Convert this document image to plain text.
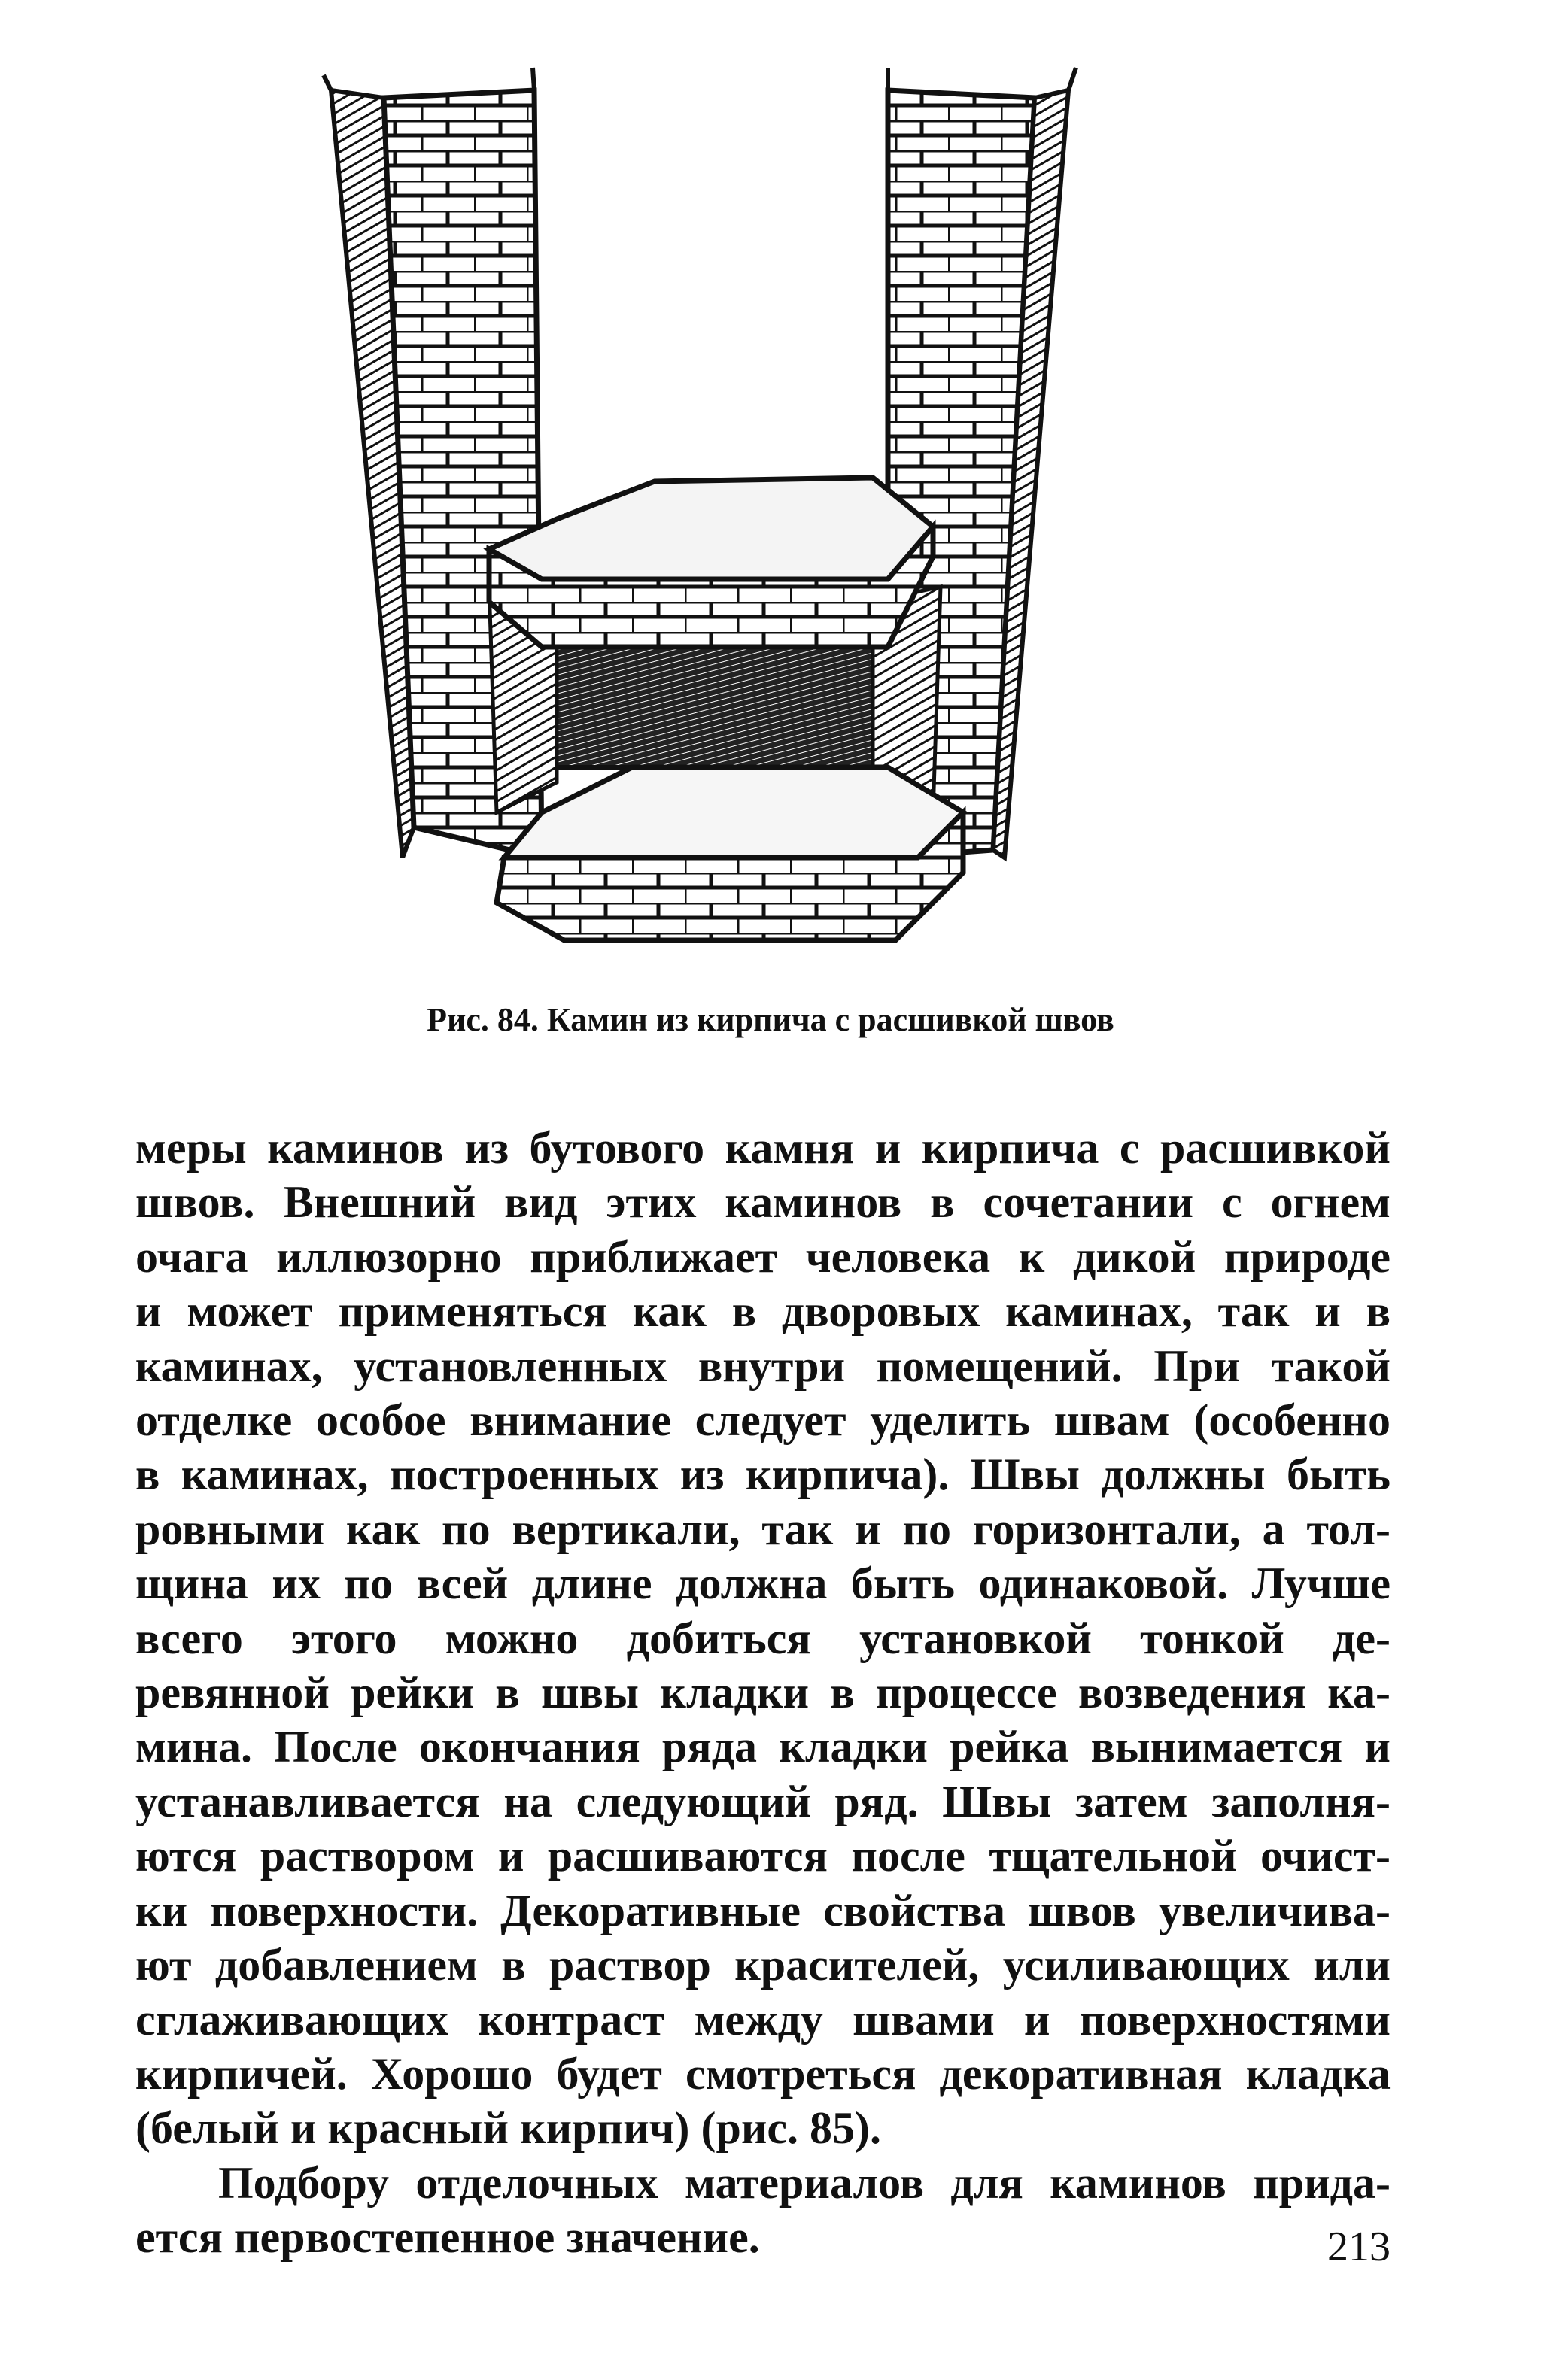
Рис. 84. Камин из кирпича с расшивкой швов
меры каминов из бутового камня и кирпича с расшивкой
швов. Внешний вид этих каминов в сочетании с огнем
очага иллюзорно приближает человека к дикой природе
и может применяться как в дворовых каминах, так и в
каминах, установленных внутри помещений. При такой
отделке особое внимание следует уделить швам (особенно
в каминах, построенных из кирпича). Швы должны быть
ровными как по вертикали, так и по горизонтали, а тол-
щина их по всей длине должна быть одинаковой. Лучше
всего этого можно добиться установкой тонкой де-
ревянной рейки в швы кладки в процессе возведения ка-
мина. После окончания ряда кладки рейка вынимается и
устанавливается на следующий ряд. Швы затем заполня-
ются раствором и расшиваются после тщательной очист-
ки поверхности. Декоративные свойства швов увеличива-
ют добавлением в раствор красителей, усиливающих или
сглаживающих контраст между швами и поверхностями
кирпичей. Хорошо будет смотреться декоративная кладка
(белый и красный кирпич) (рис. 85).
Подбору отделочных материалов для каминов прида-
ется первостепенное значение.	213
